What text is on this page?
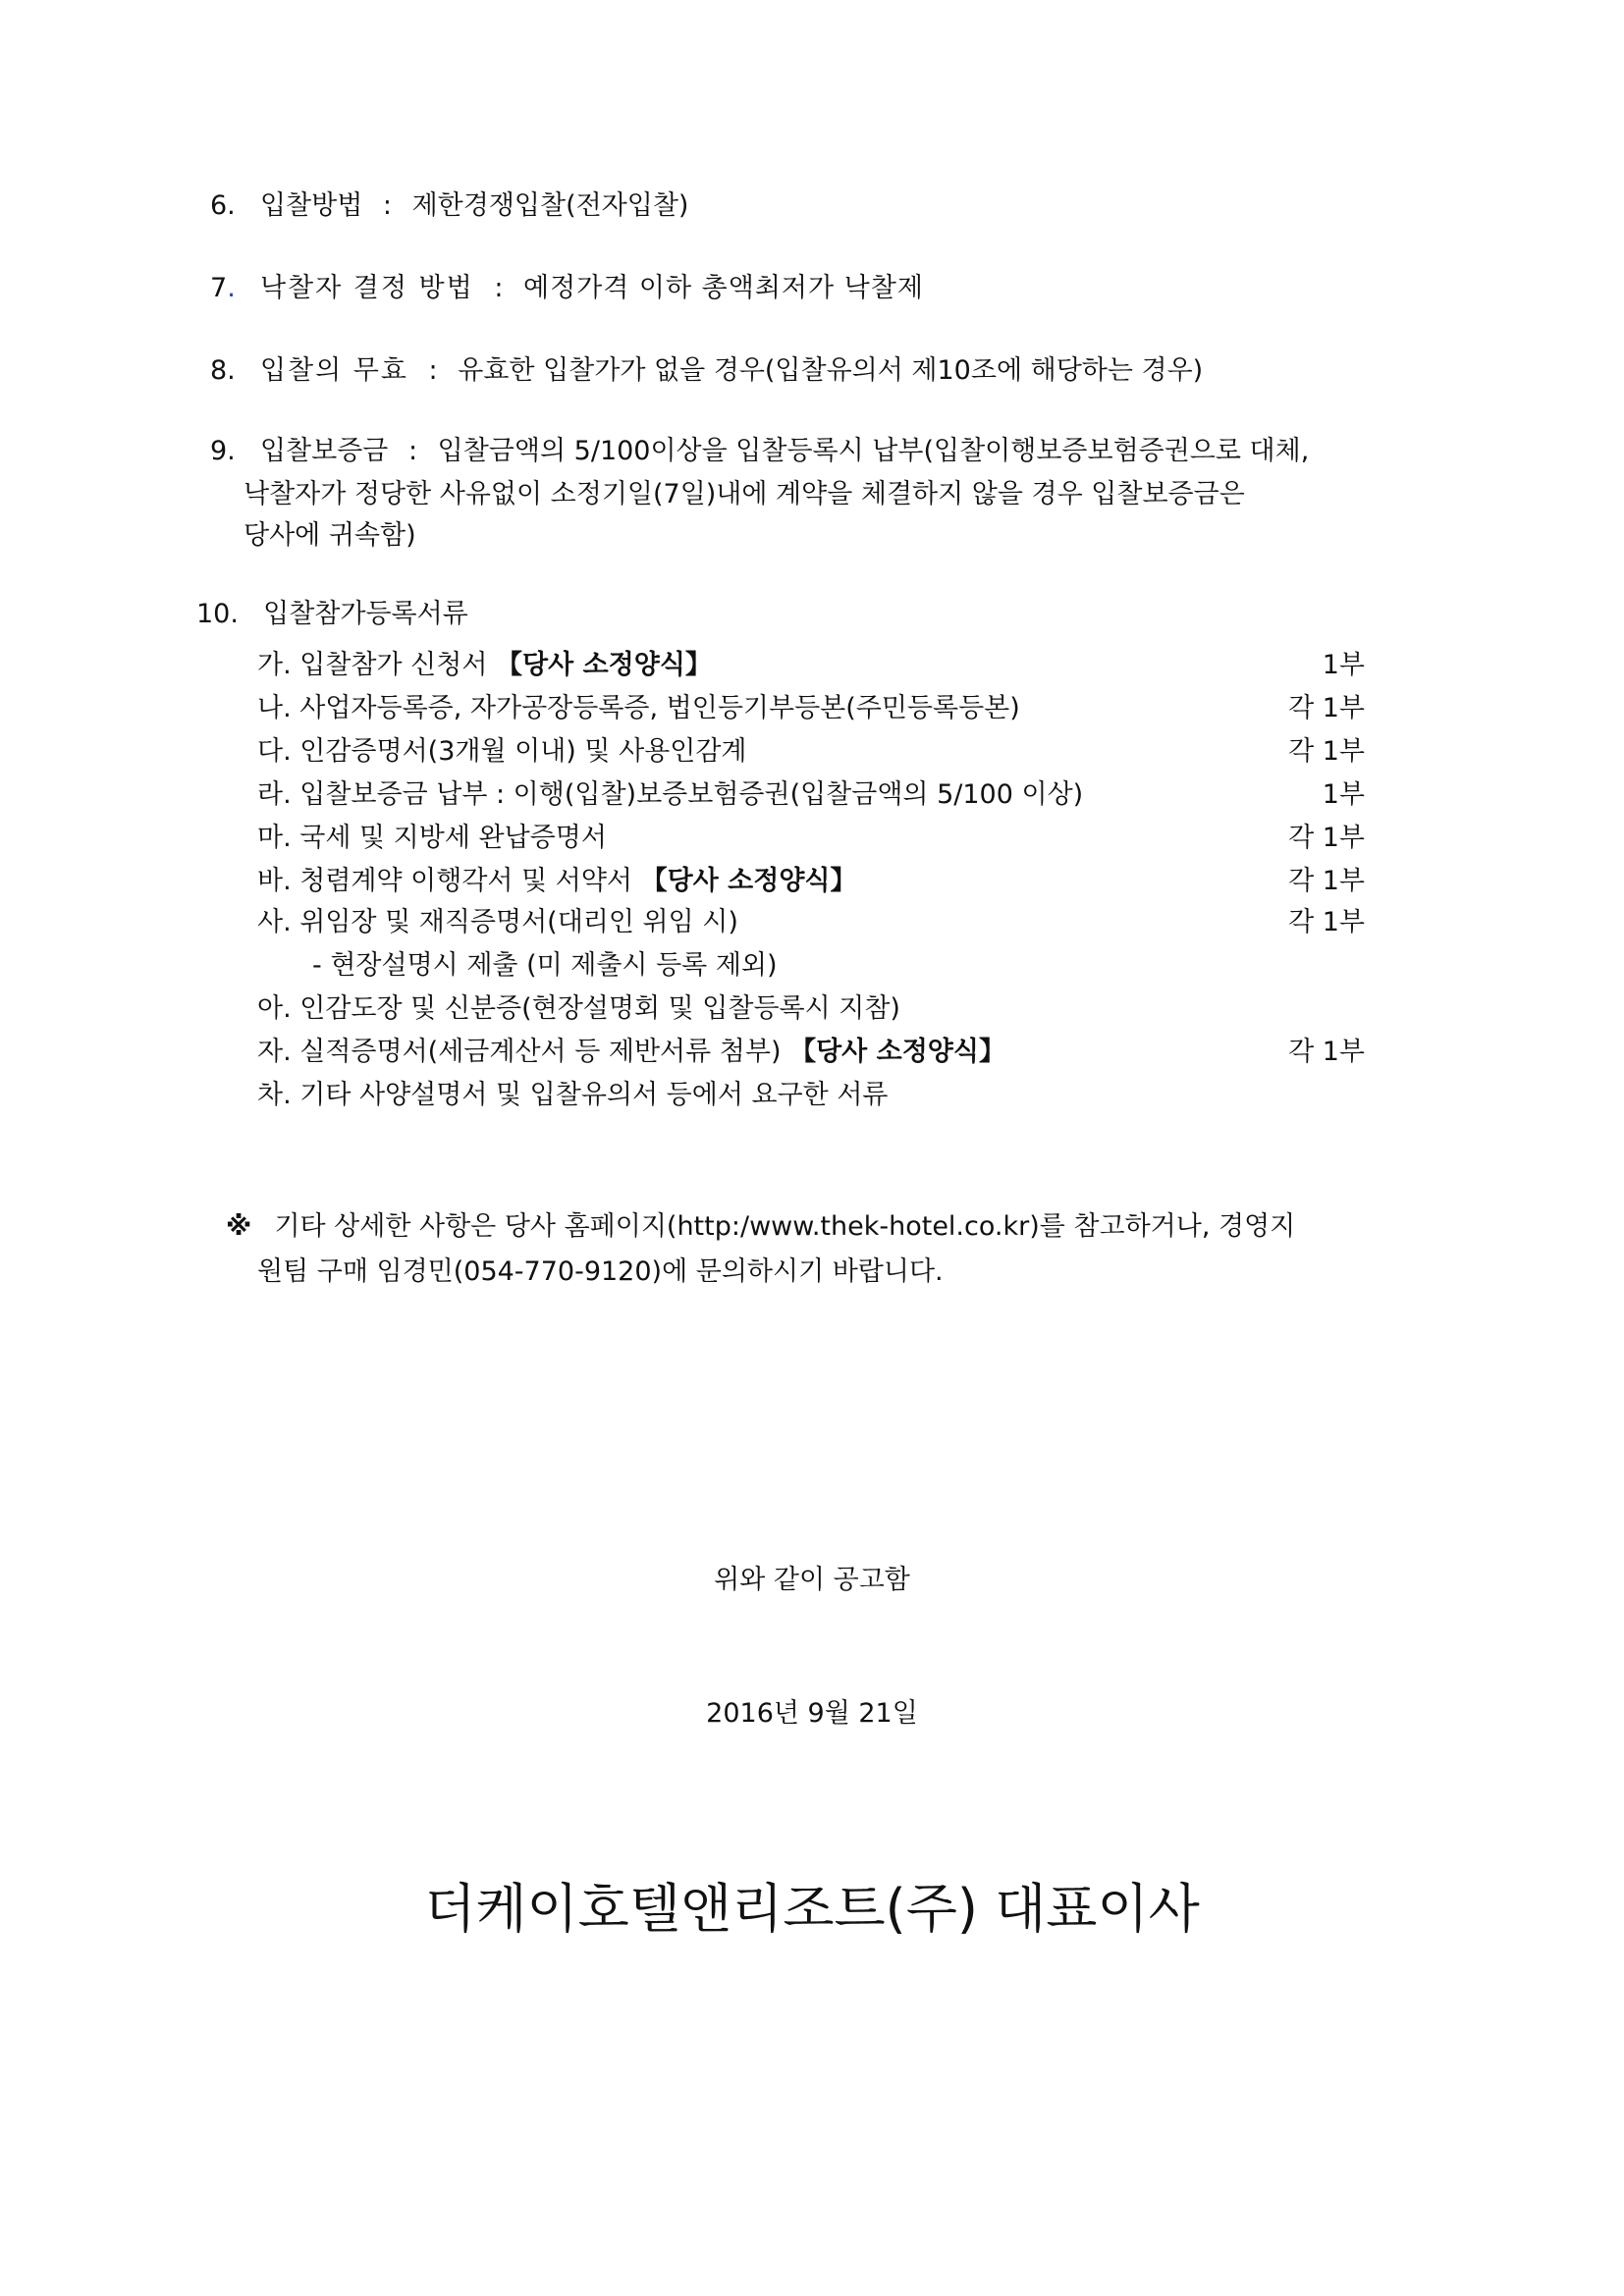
6. 입찰방법 : 제한경쟁입찰(전자입찰)
7. 낙찰자 결정 방법 : 예정가격 이하 총액최저가 낙찰제
8. 입찰의 무효 : 유효한 입찰가가 없을 경우(입찰유의서 제10조에 해당하는 경우)
9. 입찰보증금 : 입찰금액의 5/100이상을 입찰등록시 납부(입찰이행보증보험증권으로 대체,
낙찰자가 정당한 사유없이 소정기일(7일)내에 계약을 체결하지 않을 경우 입찰보증금은
당사에 귀속함)
10. 입찰참가등록서류
가. 입찰참가 신청서 【당사 소정양식】	1부
나. 사업자등록증, 자가공장등록증, 법인등기부등본(주민등록등본)	각 1부
다. 인감증명서(3개월 이내) 및 사용인감계	각 1부
라. 입찰보증금 납부 : 이행(입찰)보증보험증권(입찰금액의 5/100 이상)	1부
마. 국세 및 지방세 완납증명서	각 1부
바. 청렴계약 이행각서 및 서약서 【당사 소정양식】	각 1부
사. 위임장 및 재직증명서(대리인 위임 시)	각 1부
- 현장설명시 제출 (미 제출시 등록 제외)
아. 인감도장 및 신분증(현장설명회 및 입찰등록시 지참)
자. 실적증명서(세금계산서 등 제반서류 첨부) 【당사 소정양식】	각 1부
차. 기타 사양설명서 및 입찰유의서 등에서 요구한 서류
※ 기타 상세한 사항은 당사 홈페이지(http:/www.thek-hotel.co.kr)를 참고하거나, 경영지
원팀 구매 임경민(054-770-9120)에 문의하시기 바랍니다.
위와 같이 공고함
2016년 9월 21일
더케이호텔앤리조트(주) 대표이사
